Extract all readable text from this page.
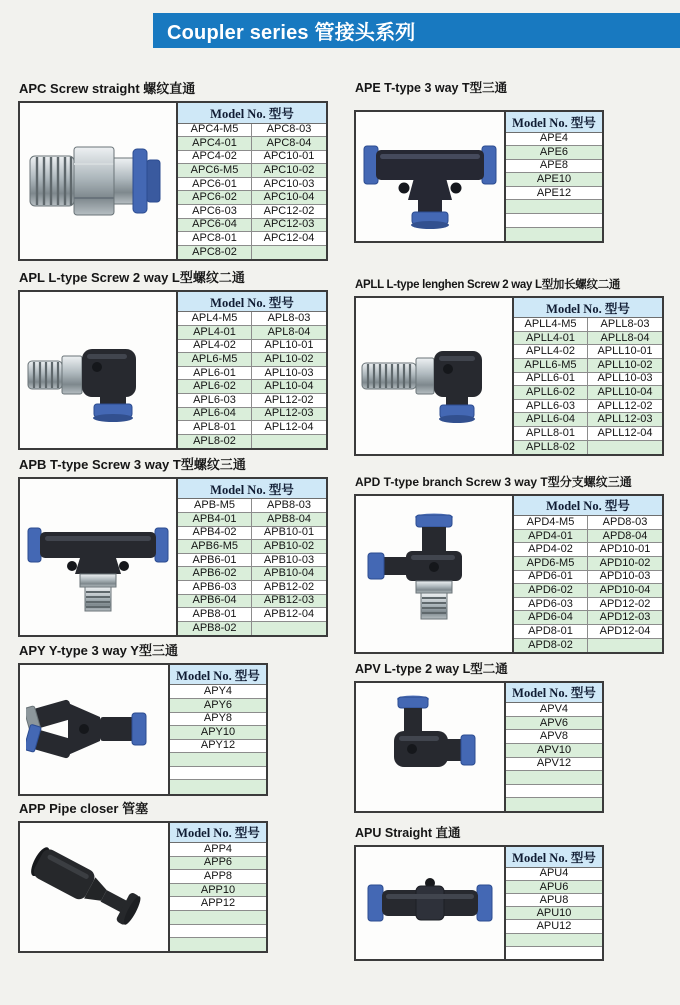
Coupler series 管接头系列
APC Screw straight 螺纹直通
Model No. 型号	
APC4-M5	APC8-03
APC4-01	APC8-04
APC4-02	APC10-01
APC6-M5	APC10-02
APC6-01	APC10-03
APC6-02	APC10-04
APC6-03	APC12-02
APC6-04	APC12-03
APC8-01	APC12-04
APC8-02	
APL L-type Screw 2 way L型螺纹二通
Model No. 型号	
APL4-M5	APL8-03
APL4-01	APL8-04
APL4-02	APL10-01
APL6-M5	APL10-02
APL6-01	APL10-03
APL6-02	APL10-04
APL6-03	APL12-02
APL6-04	APL12-03
APL8-01	APL12-04
APL8-02	
APB T-type Screw 3 way T型螺纹三通
Model No. 型号	
APB-M5	APB8-03
APB4-01	APB8-04
APB4-02	APB10-01
APB6-M5	APB10-02
APB6-01	APB10-03
APB6-02	APB10-04
APB6-03	APB12-02
APB6-04	APB12-03
APB8-01	APB12-04
APB8-02	
APY Y-type 3 way Y型三通
Model No. 型号
APY4
APY6
APY8
APY10
APY12

APP Pipe closer 管塞
Model No. 型号
APP4
APP6
APP8
APP10
APP12

APE T-type 3 way T型三通
Model No. 型号
APE4
APE6
APE8
APE10
APE12

APLL L-type lenghen Screw 2 way L型加长螺纹二通
Model No. 型号	
APLL4-M5	APLL8-03
APLL4-01	APLL8-04
APLL4-02	APLL10-01
APLL6-M5	APLL10-02
APLL6-01	APLL10-03
APLL6-02	APLL10-04
APLL6-03	APLL12-02
APLL6-04	APLL12-03
APLL8-01	APLL12-04
APLL8-02	
APD T-type branch Screw 3 way T型分支螺纹三通
Model No. 型号	
APD4-M5	APD8-03
APD4-01	APD8-04
APD4-02	APD10-01
APD6-M5	APD10-02
APD6-01	APD10-03
APD6-02	APD10-04
APD6-03	APD12-02
APD6-04	APD12-03
APD8-01	APD12-04
APD8-02	
APV L-type 2 way L型二通
Model No. 型号
APV4
APV6
APV8
APV10
APV12

APU Straight 直通
Model No. 型号
APU4
APU6
APU8
APU10
APU12
